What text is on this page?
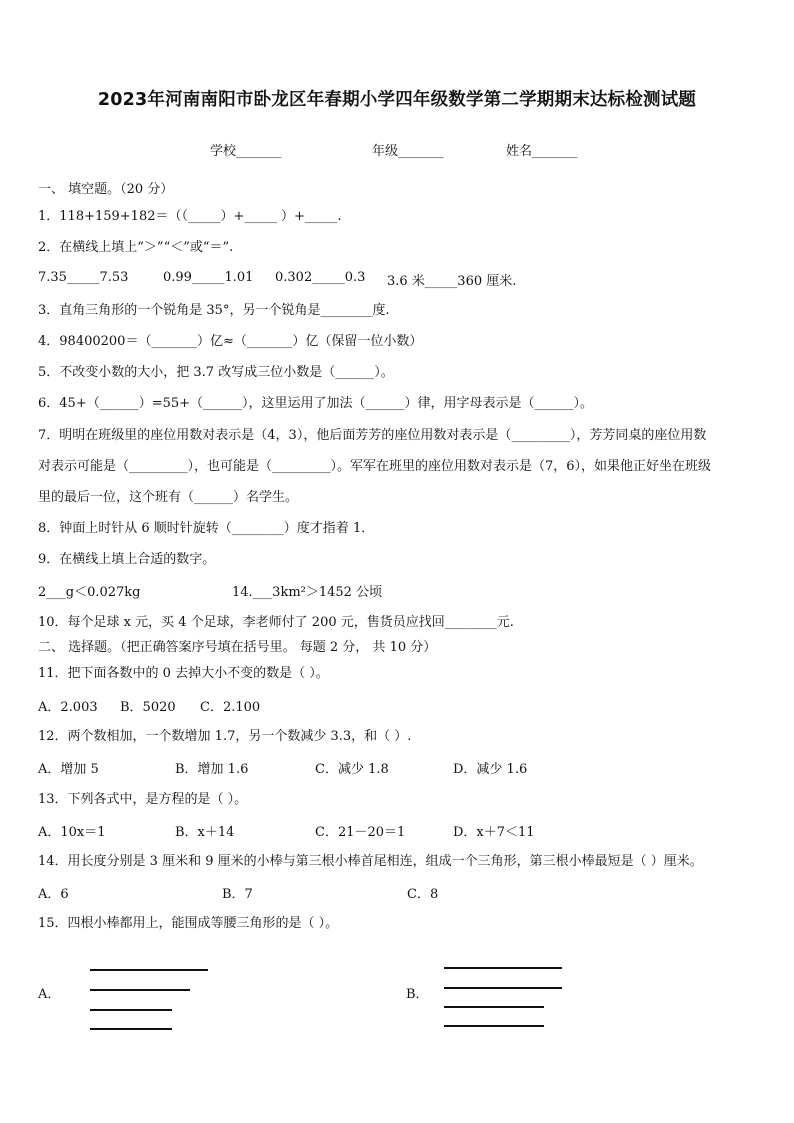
2023年河南南阳市卧龙区年春期小学四年级数学第二学期期末达标检测试题
学校_______	年级_______	姓名_______
一、 填空题。（20 分）
1．118+159+182＝（（_____）+_____ ）+_____.
2．在横线上填上“＞”“＜”或“＝”.
7.35_____7.53	0.99_____1.01 0.302_____0.3 3.6 米_____360 厘米.
3．直角三角形的一个锐角是 35°，另一个锐角是________度.
4．98400200＝（_______）亿≈（_______）亿（保留一位小数）
5．不改变小数的大小，把 3.7 改写成三位小数是（______）。
6．45+（______）=55+（______），这里运用了加法（______）律，用字母表示是（______）。
7．明明在班级里的座位用数对表示是（4，3），他后面芳芳的座位用数对表示是（_________），芳芳同桌的座位用数
对表示可能是（_________），也可能是（_________）。军军在班里的座位用数对表示是（7，6），如果他正好坐在班级
里的最后一位，这个班有（______）名学生。
8．钟面上时针从 6 顺时针旋转（________）度才指着 1．
9．在横线上填上合适的数字。
2___g＜0.027kg	14.___3km²＞1452 公顷
10．每个足球 x 元，买 4 个足球，李老师付了 200 元，售货员应找回________元.
二、 选择题。（把正确答案序号填在括号里。 每题 2 分， 共 10 分）
11．把下面各数中的 0 去掉大小不变的数是（ ）。
A．2.003 B．5020 C．2.100
12．两个数相加，一个数增加 1.7，另一个数减少 3.3，和（ ）.
A．增加 5	B．增加 1.6	C．减少 1.8	D．减少 1.6
13．下列各式中，是方程的是（ ）。
A．10x＝1	B．x＋14	C．21－20＝1	D．x＋7＜11
14．用长度分别是 3 厘米和 9 厘米的小棒与第三根小棒首尾相连，组成一个三角形，第三根小棒最短是（ ）厘米。
A．6	B．7	C．8
15．四根小棒都用上，能围成等腰三角形的是（ ）。
A．	B．
